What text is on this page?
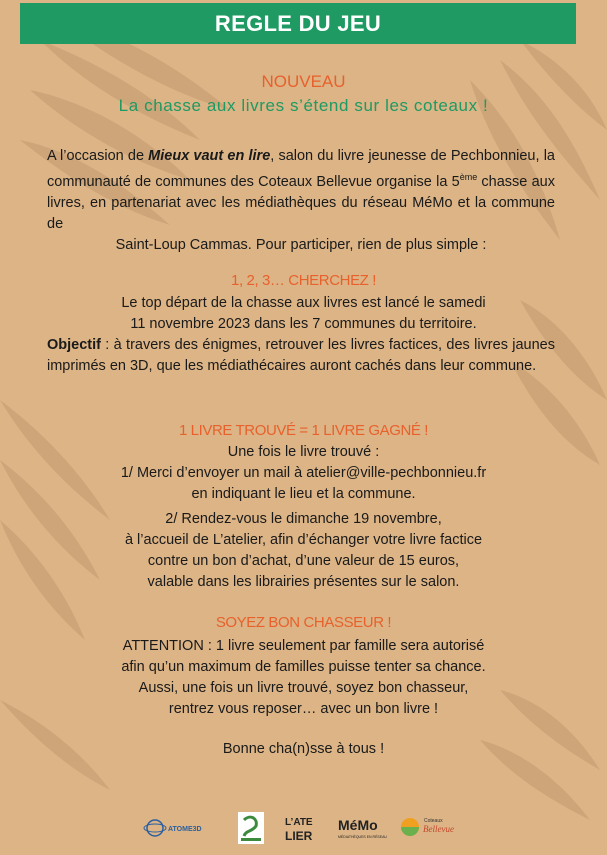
REGLE DU JEU
NOUVEAU
La chasse aux livres s’étend sur les coteaux !
A l’occasion de Mieux vaut en lire, salon du livre jeunesse de Pechbonnieu, la communauté de communes des Coteaux Bellevue organise la 5ème chasse aux livres, en partenariat avec les médiathèques du réseau MéMo et la commune de
Saint-Loup Cammas. Pour participer, rien de plus simple :
1, 2, 3… CHERCHEZ !
Le top départ de la chasse aux livres est lancé le samedi
11 novembre 2023 dans les 7 communes du territoire.
Objectif : à travers des énigmes, retrouver les livres factices, des livres jaunes imprimés en 3D, que les médiathécaires auront cachés dans leur commune.
1 LIVRE TROUVÉ = 1 LIVRE GAGNÉ !
Une fois le livre trouvé :
1/ Merci d’envoyer un mail à atelier@ville-pechbonnieu.fr
en indiquant le lieu et la commune.
2/ Rendez-vous le dimanche 19 novembre,
à l’accueil de L’atelier, afin d’échanger votre livre factice
contre un bon d’achat, d’une valeur de 15 euros,
valable dans les librairies présentes sur le salon.
SOYEZ BON CHASSEUR !
ATTENTION : 1 livre seulement par famille sera autorisé
afin qu’un maximum de familles puisse tenter sa chance.
Aussi, une fois un livre trouvé, soyez bon chasseur,
rentrez vous reposer… avec un bon livre !
Bonne cha(n)sse à tous !
ATOME3D
L’ATE
LIER
MéMo
MÉDIATHÈQUES EN RÉSEAU
Coteaux
Bellevue
